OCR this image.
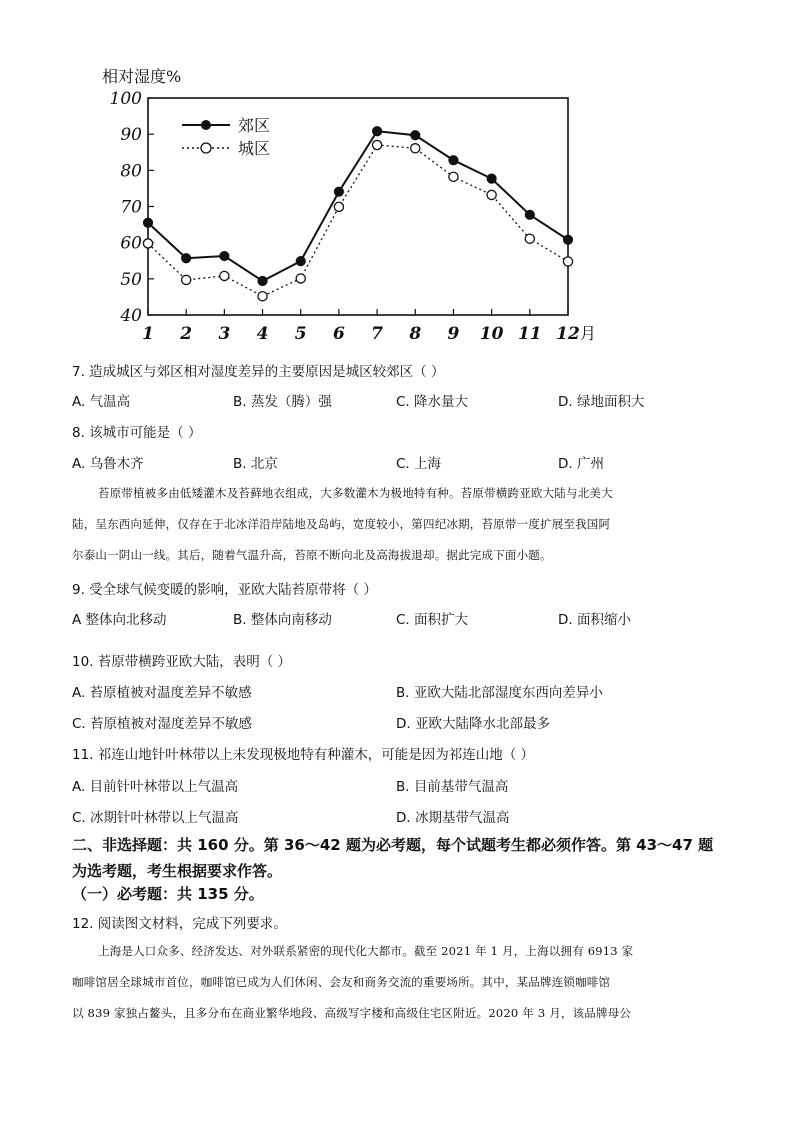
相对湿度%
40
50
60
70
80
90
100
1 2 3 4 5 6 7 8 9 10 11 12 月
郊区
城区
7. 造成城区与郊区相对湿度差异的主要原因是城区较郊区（ ）
A. 气温高	B. 蒸发（腾）强	C. 降水量大	D. 绿地面积大
8. 该城市可能是（ ）
A. 乌鲁木齐	B. 北京	C. 上海	D. 广州
苔原带植被多由低矮灌木及苔藓地衣组成，大多数灌木为极地特有种。苔原带横跨亚欧大陆与北美大
陆，呈东西向延伸，仅存在于北冰洋沿岸陆地及岛屿，宽度较小，第四纪冰期，苔原带一度扩展至我国阿
尔泰山一阴山一线。其后，随着气温升高，苔原不断向北及高海拔退却。据此完成下面小题。
9. 受全球气候变暖的影响，亚欧大陆苔原带将（ ）
A 整体向北移动	B. 整体向南移动	C. 面积扩大	D. 面积缩小
10. 苔原带横跨亚欧大陆，表明（ ）
A. 苔原植被对温度差异不敏感	B. 亚欧大陆北部湿度东西向差异小
C. 苔原植被对湿度差异不敏感	D. 亚欧大陆降水北部最多
11. 祁连山地针叶林带以上未发现极地特有种灌木，可能是因为祁连山地（ ）
A. 目前针叶林带以上气温高	B. 目前基带气温高
C. 冰期针叶林带以上气温高	D. 冰期基带气温高
二、非选择题：共 160 分。第 36～42 题为必考题，每个试题考生都必须作答。第 43～47 题
为选考题，考生根据要求作答。
（一）必考题：共 135 分。
12. 阅读图文材料，完成下列要求。
上海是人口众多、经济发达、对外联系紧密的现代化大都市。截至 2021 年 1 月，上海以拥有 6913 家
咖啡馆居全球城市首位，咖啡馆已成为人们休闲、会友和商务交流的重要场所。其中，某品牌连锁咖啡馆
以 839 家独占鳌头，且多分布在商业繁华地段、高级写字楼和高级住宅区附近。2020 年 3 月，该品牌母公
